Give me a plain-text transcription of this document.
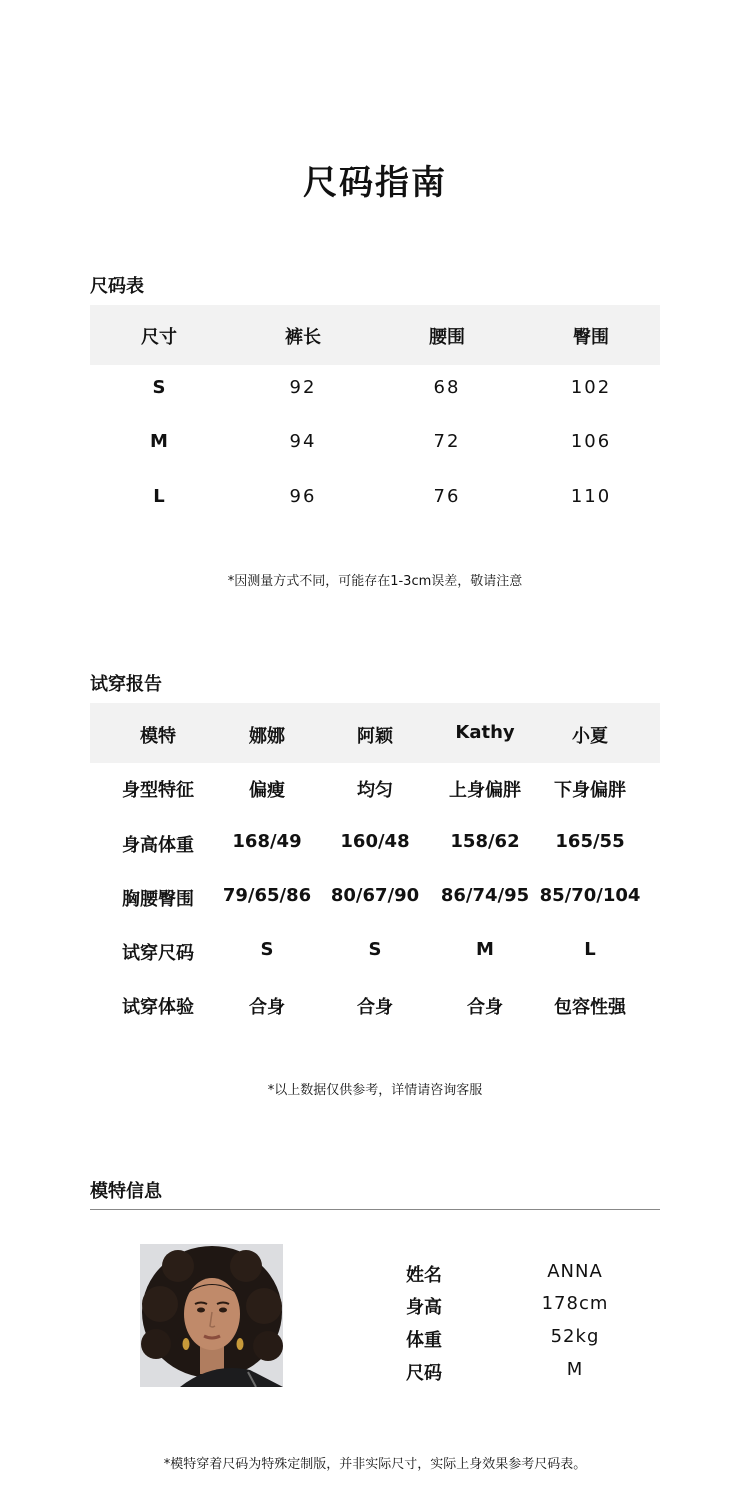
尺码指南
尺码表
尺寸	裤长	腰围	臀围
S	92	68	102
M	94	72	106
L	96	76	110
*因测量方式不同，可能存在1-3cm误差，敬请注意
试穿报告
模特	娜娜	阿颖	Kathy	小夏
身型特征	偏瘦	均匀	上身偏胖	下身偏胖
身高体重	168/49	160/48	158/62	165/55
胸腰臀围	79/65/86	80/67/90	86/74/95 85/70/104
试穿尺码	S	S	M	L
试穿体验	合身	合身	合身	包容性强
*以上数据仅供参考，详情请咨询客服
模特信息
姓名	ANNA
身高	178cm
体重	52kg
尺码	M
*模特穿着尺码为特殊定制版，并非实际尺寸，实际上身效果参考尺码表。
